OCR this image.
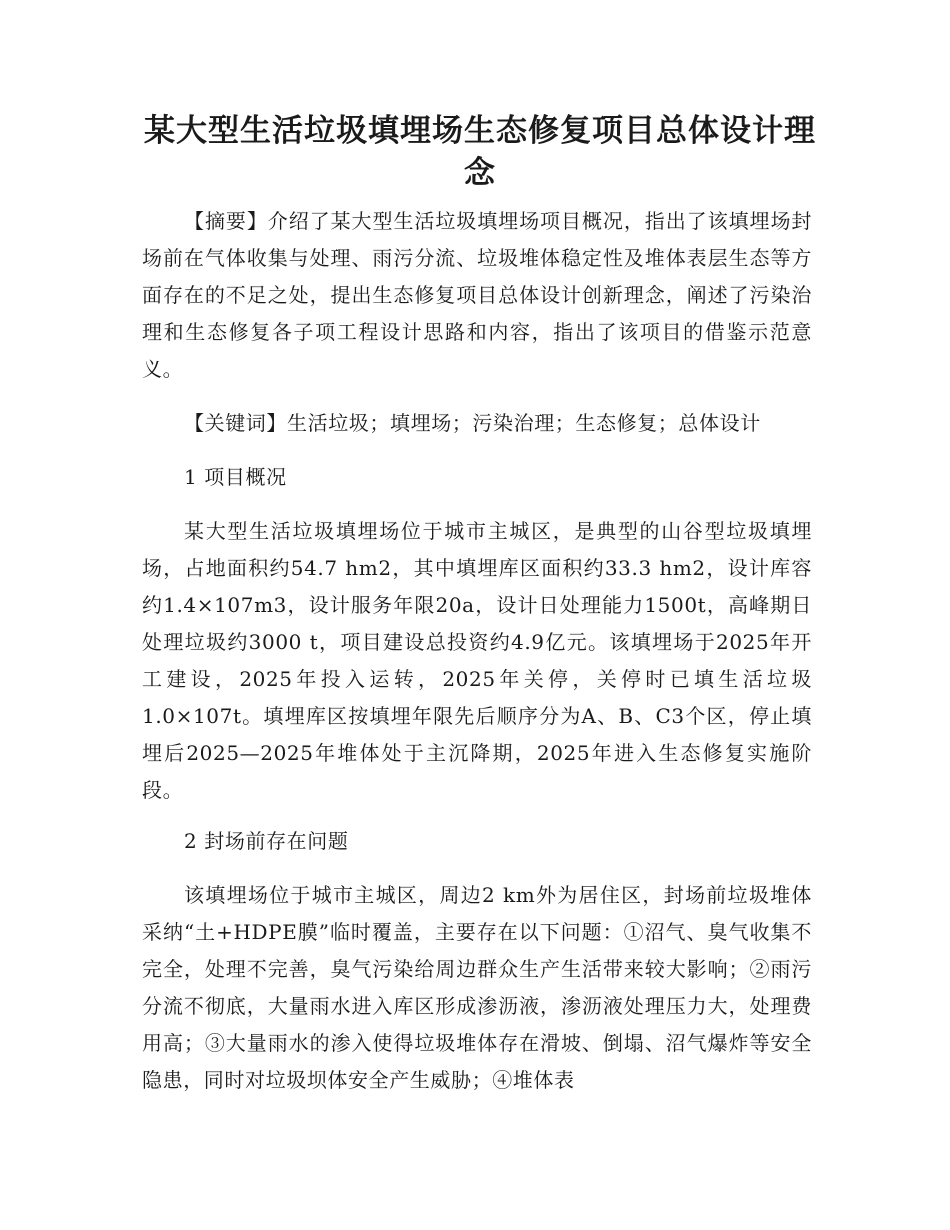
某大型生活垃圾填埋场生态修复项目总体设计理念

【摘要】介绍了某大型生活垃圾填埋场项目概况，指出了该填埋场封场前在气体收集与处理、雨污分流、垃圾堆体稳定性及堆体表层生态等方面存在的不足之处，提出生态修复项目总体设计创新理念，阐述了污染治理和生态修复各子项工程设计思路和内容，指出了该项目的借鉴示范意义。

【关键词】生活垃圾；填埋场；污染治理；生态修复；总体设计

1 项目概况

某大型生活垃圾填埋场位于城市主城区，是典型的山谷型垃圾填埋场，占地面积约54.7 hm2，其中填埋库区面积约33.3 hm2，设计库容约1.4×107m3，设计服务年限20a，设计日处理能力1500t，高峰期日处理垃圾约3000 t，项目建设总投资约4.9亿元。该填埋场于2025年开工建设，2025年投入运转，2025年关停，关停时已填生活垃圾1.0×107t。填埋库区按填埋年限先后顺序分为A、B、C3个区，停止填埋后2025—2025年堆体处于主沉降期，2025年进入生态修复实施阶段。

2 封场前存在问题

该填埋场位于城市主城区，周边2 km外为居住区，封场前垃圾堆体采纳“土+HDPE膜”临时覆盖，主要存在以下问题：①沼气、臭气收集不完全，处理不完善，臭气污染给周边群众生产生活带来较大影响；②雨污分流不彻底，大量雨水进入库区形成渗沥液，渗沥液处理压力大，处理费用高；③大量雨水的渗入使得垃圾堆体存在滑坡、倒塌、沼气爆炸等安全隐患，同时对垃圾坝体安全产生威胁；④堆体表
